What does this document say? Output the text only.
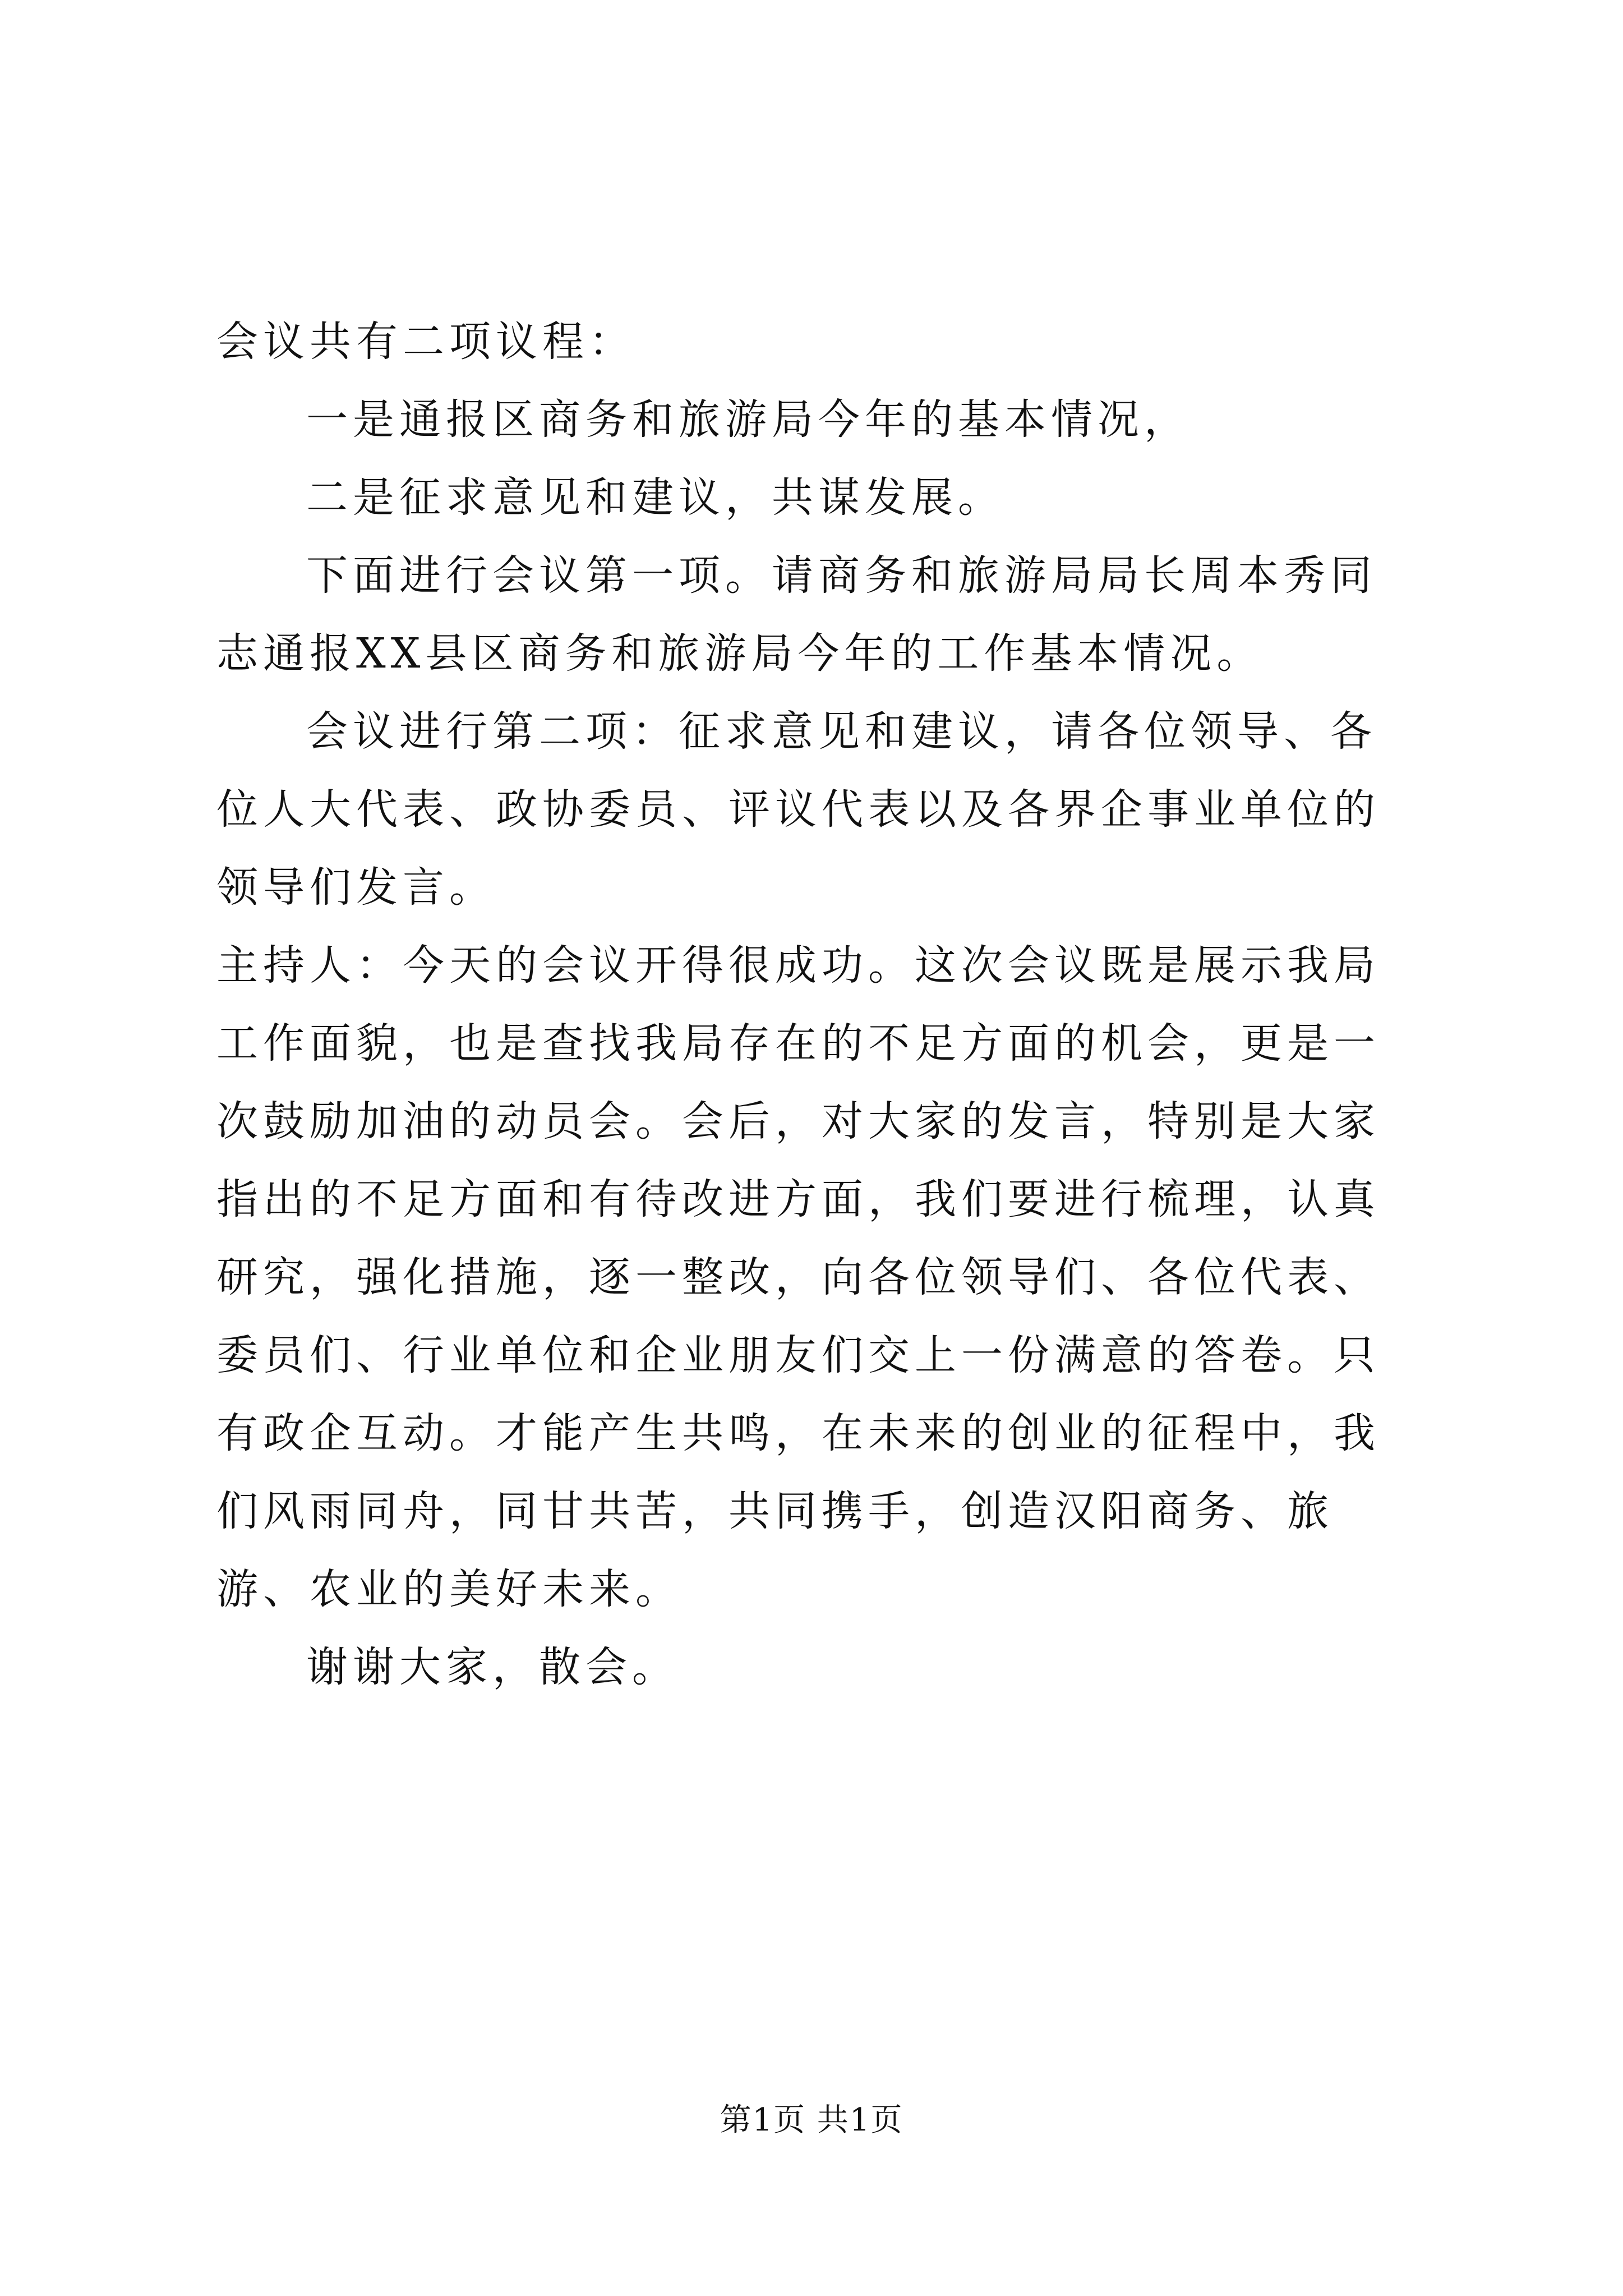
会议共有二项议程：

一是通报区商务和旅游局今年的基本情况，

二是征求意见和建议，共谋发展。

下面进行会议第一项。请商务和旅游局局长周本秀同志通报XX县区商务和旅游局今年的工作基本情况。

会议进行第二项：征求意见和建议，请各位领导、各位人大代表、政协委员、评议代表以及各界企事业单位的领导们发言。

主持人：今天的会议开得很成功。这次会议既是展示我局工作面貌，也是查找我局存在的不足方面的机会，更是一次鼓励加油的动员会。会后，对大家的发言，特别是大家指出的不足方面和有待改进方面，我们要进行梳理，认真研究，强化措施，逐一整改，向各位领导们、各位代表、委员们、行业单位和企业朋友们交上一份满意的答卷。只有政企互动。才能产生共鸣，在未来的创业的征程中，我们风雨同舟，同甘共苦，共同携手，创造汉阳商务、旅游、农业的美好未来。

谢谢大家，散会。

第1页 共1页
